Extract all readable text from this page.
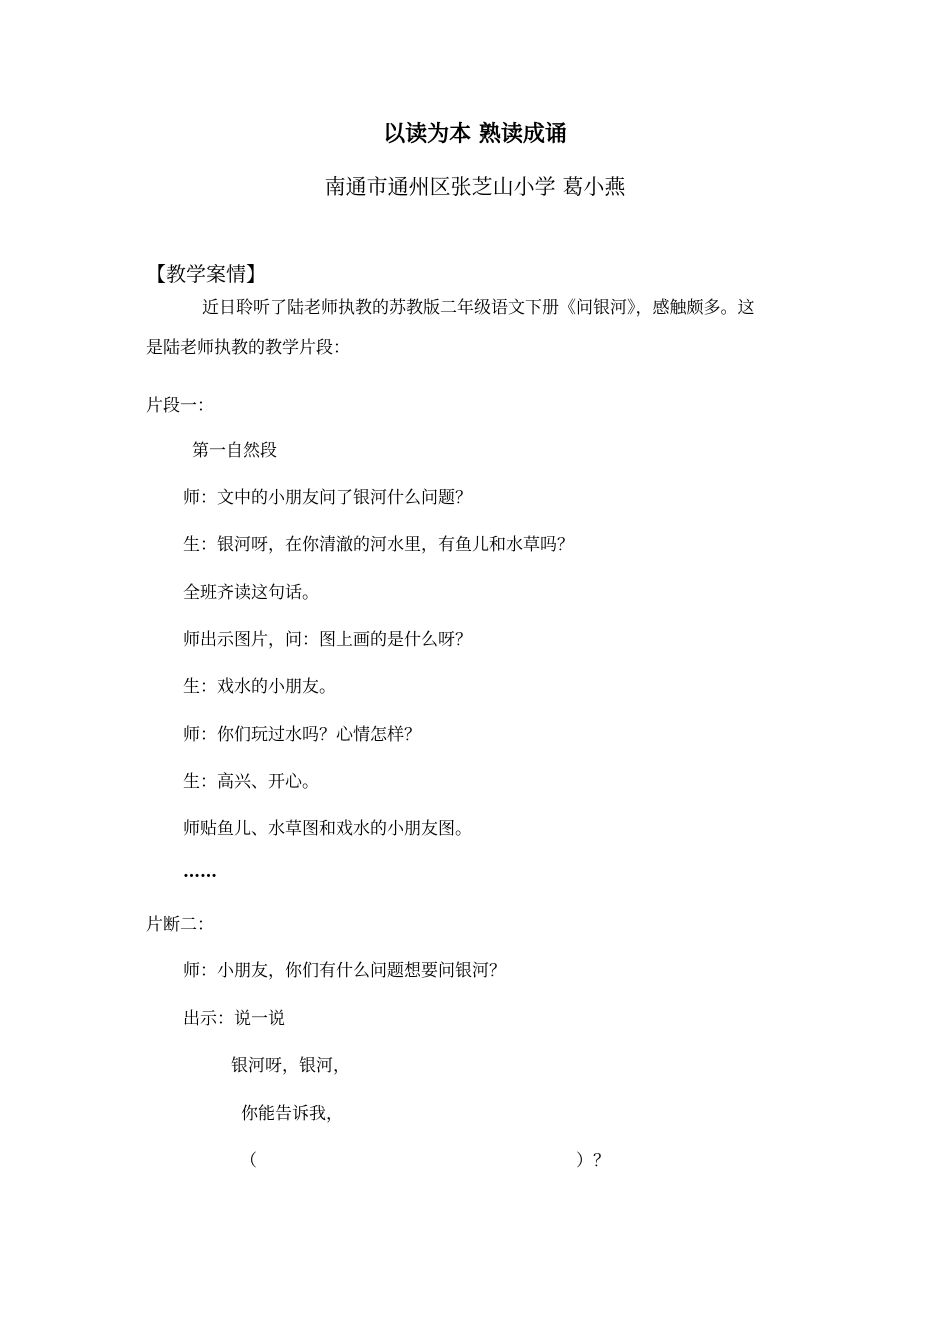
以读为本 熟读成诵

南通市通州区张芝山小学 葛小燕

【教学案情】

近日聆听了陆老师执教的苏教版二年级语文下册《问银河》，感触颇多。这

是陆老师执教的教学片段：

片段一：

第一自然段

师：文中的小朋友问了银河什么问题？

生：银河呀，在你清澈的河水里，有鱼儿和水草吗？

全班齐读这句话。

师出示图片，问：图上画的是什么呀？

生：戏水的小朋友。

师：你们玩过水吗？心情怎样？

生：高兴、开心。

师贴鱼儿、水草图和戏水的小朋友图。

……

片断二：

师：小朋友，你们有什么问题想要问银河？

出示：说一说

银河呀，银河，

你能告诉我，

（	）？
